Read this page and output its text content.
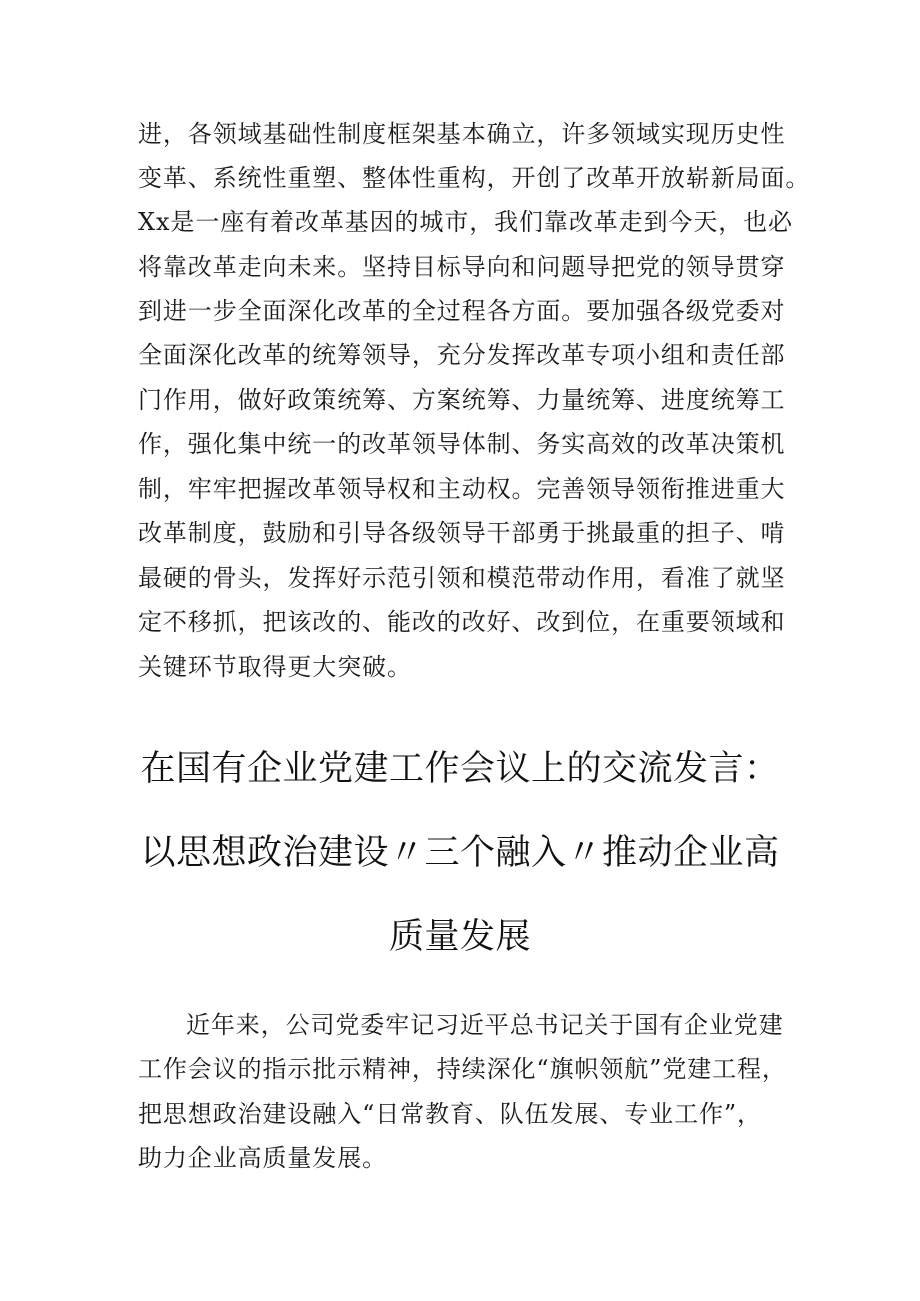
进，各领域基础性制度框架基本确立，许多领域实现历史性
变革、系统性重塑、整体性重构，开创了改革开放崭新局面。
Xx是一座有着改革基因的城市，我们靠改革走到今天，也必
将靠改革走向未来。坚持目标导向和问题导把党的领导贯穿
到进一步全面深化改革的全过程各方面。要加强各级党委对
全面深化改革的统筹领导，充分发挥改革专项小组和责任部
门作用，做好政策统筹、方案统筹、力量统筹、进度统筹工
作，强化集中统一的改革领导体制、务实高效的改革决策机
制，牢牢把握改革领导权和主动权。完善领导领衔推进重大
改革制度，鼓励和引导各级领导干部勇于挑最重的担子、啃
最硬的骨头，发挥好示范引领和模范带动作用，看准了就坚
定不移抓，把该改的、能改的改好、改到位，在重要领域和
关键环节取得更大突破。
在国有企业党建工作会议上的交流发言：
以思想政治建设〃三个融入〃推动企业高
质量发展
近年来，公司党委牢记习近平总书记关于国有企业党建
工作会议的指示批示精神，持续深化“旗帜领航”党建工程，
把思想政治建设融入“日常教育、队伍发展、专业工作”，
助力企业高质量发展。
